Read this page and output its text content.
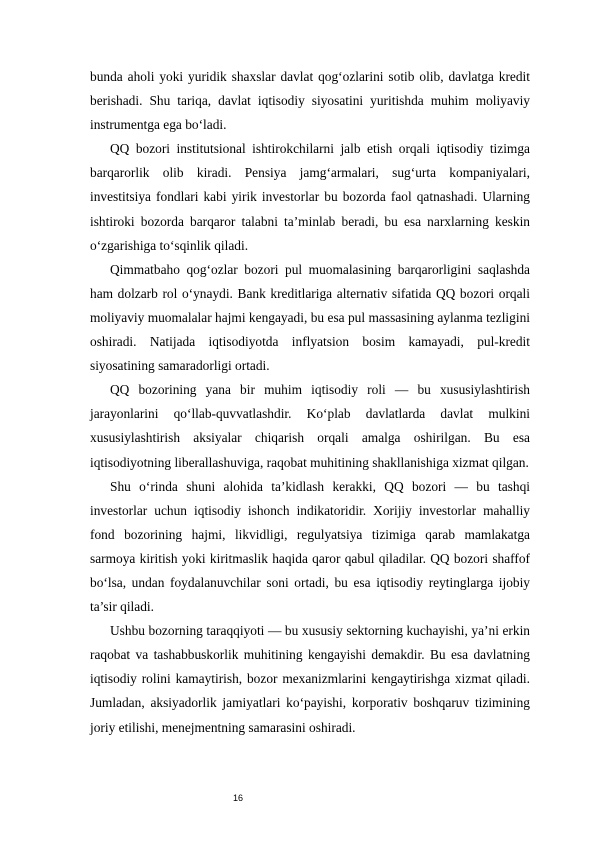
bunda aholi yoki yuridik shaxslar davlat qog‘ozlarini sotib olib, davlatga kredit berishadi. Shu tariqa, davlat iqtisodiy siyosatini yuritishda muhim moliyaviy instrumentga ega bo‘ladi.

QQ bozori institutsional ishtirokchilarni jalb etish orqali iqtisodiy tizimga barqarorlik olib kiradi. Pensiya jamg‘armalari, sug‘urta kompaniyalari, investitsiya fondlari kabi yirik investorlar bu bozorda faol qatnashadi. Ularning ishtiroki bozorda barqaror talabni ta’minlab beradi, bu esa narxlarning keskin o‘zgarishiga to‘sqinlik qiladi.

Qimmatbaho qog‘ozlar bozori pul muomalasining barqarorligini saqlashda ham dolzarb rol o‘ynaydi. Bank kreditlariga alternativ sifatida QQ bozori orqali moliyaviy muomalalar hajmi kengayadi, bu esa pul massasining aylanma tezligini oshiradi. Natijada iqtisodiyotda inflyatsion bosim kamayadi, pul-kredit siyosatining samaradorligi ortadi.

QQ bozorining yana bir muhim iqtisodiy roli — bu xususiylashtirish jarayonlarini qo‘llab-quvvatlashdir. Ko‘plab davlatlarda davlat mulkini xususiylashtirish aksiyalar chiqarish orqali amalga oshirilgan. Bu esa iqtisodiyotning liberallashuviga, raqobat muhitining shakllanishiga xizmat qilgan.

Shu o‘rinda shuni alohida ta’kidlash kerakki, QQ bozori — bu tashqi investorlar uchun iqtisodiy ishonch indikatoridir. Xorijiy investorlar mahalliy fond bozorining hajmi, likvidligi, regulyatsiya tizimiga qarab mamlakatga sarmoya kiritish yoki kiritmaslik haqida qaror qabul qiladilar. QQ bozori shaffof bo‘lsa, undan foydalanuvchilar soni ortadi, bu esa iqtisodiy reytinglarga ijobiy ta’sir qiladi.

Ushbu bozorning taraqqiyoti — bu xususiy sektorning kuchayishi, ya’ni erkin raqobat va tashabbuskorlik muhitining kengayishi demakdir. Bu esa davlatning iqtisodiy rolini kamaytirish, bozor mexanizmlarini kengaytirishga xizmat qiladi. Jumladan, aksiyadorlik jamiyatlari ko‘payishi, korporativ boshqaruv tizimining joriy etilishi, menejmentning samarasini oshiradi.

16
